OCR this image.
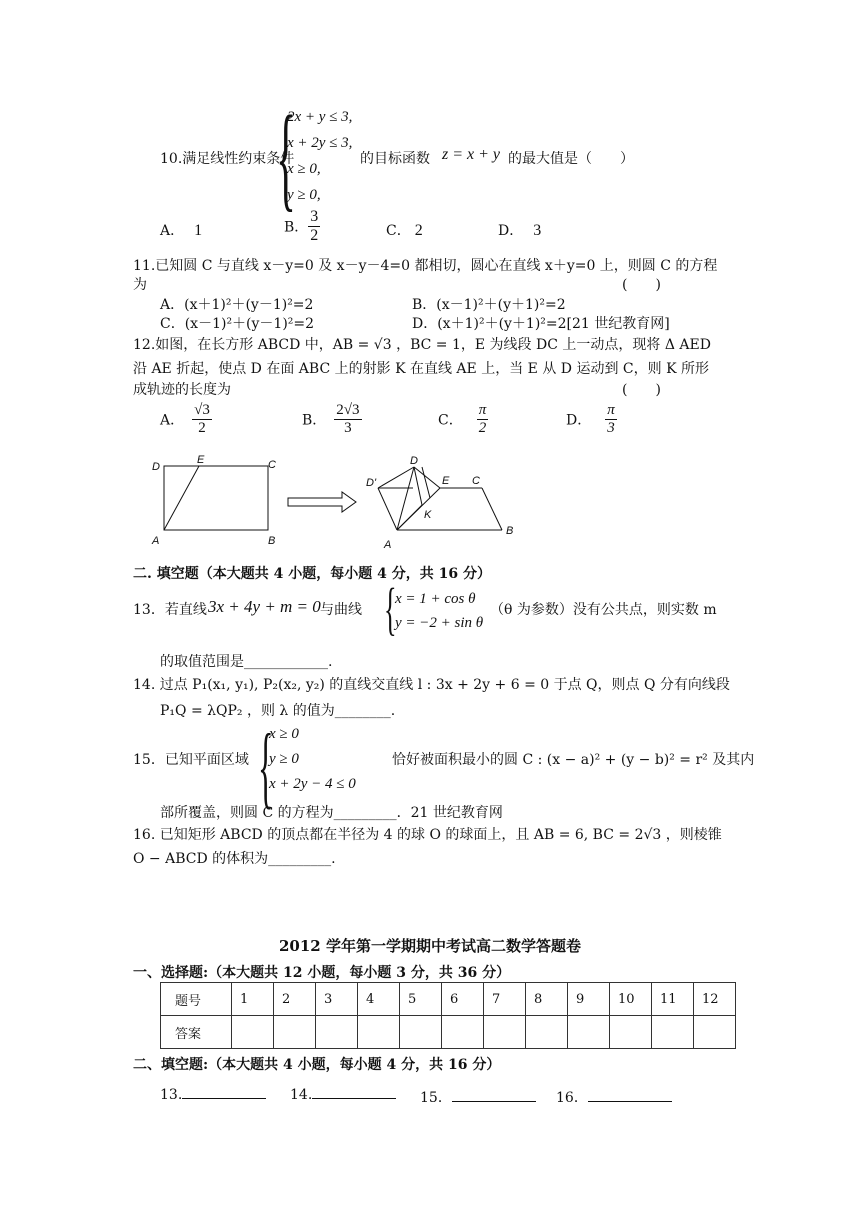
10.满足线性约束条件
{
2x + y ≤ 3,
x + 2y ≤ 3,
x ≥ 0,
y ≥ 0,
的目标函数 z = x + y 的最大值是（　　）
A． 1	B． $\frac{3}{2}$	C． 2	D． 3
11.已知圆 C 与直线 x－y=0 及 x－y－4=0 都相切，圆心在直线 x＋y=0 上，则圆 C 的方程
为	(　　)
A．(x＋1)²＋(y－1)²=2	B．(x－1)²＋(y＋1)²=2
C．(x－1)²＋(y－1)²=2	D．(x＋1)²＋(y＋1)²=2[21 世纪教育网]
12.如图，在长方形 ABCD 中，AB = √3 ，BC = 1，E 为线段 DC 上一动点，现将 Δ AED
沿 AE 折起，使点 D 在面 ABC 上的射影 K 在直线 AE 上，当 E 从 D 运动到 C，则 K 所形
成轨迹的长度为	(　　)
A． $\frac{√3}{2}$	B． $\frac{2√3}{3}$	C． $\frac{\pi}{2}$	D． $\frac{\pi}{3}$
D
E	C
A	B
D
D'	E C
K
A
B
二. 填空题（本大题共 4 小题，每小题 4 分，共 16 分）
13．若直线 3x + 4y + m = 0 与曲线 {
x = 1 + cos θ
y = −2 + sin θ
（θ 为参数）没有公共点，则实数 m
的取值范围是____________.
14. 过点 P₁(x₁, y₁), P₂(x₂, y₂) 的直线交直线 l : 3x + 2y + 6 = 0 于点 Q，则点 Q 分有向线段
P₁Q = λQP₂ ，则 λ 的值为________.
15．已知平面区域 {
x ≥ 0
y ≥ 0
x + 2y − 4 ≤ 0
恰好被面积最小的圆 C : (x − a)² + (y − b)² = r² 及其内
部所覆盖，则圆 C 的方程为_________．21 世纪教育网
16. 已知矩形 ABCD 的顶点都在半径为 4 的球 O 的球面上，且 AB = 6, BC = 2√3 ，则棱锥
O − ABCD 的体积为_________.
2012 学年第一学期期中考试高二数学答题卷
一、选择题:（本大题共 12 小题，每小题 3 分，共 36 分）
题号	1	2	3	4	5	6	7	8	9	10	11	12
答案												
二、填空题:（本大题共 4 小题，每小题 4 分，共 16 分）
13.	14.	15．	16．
